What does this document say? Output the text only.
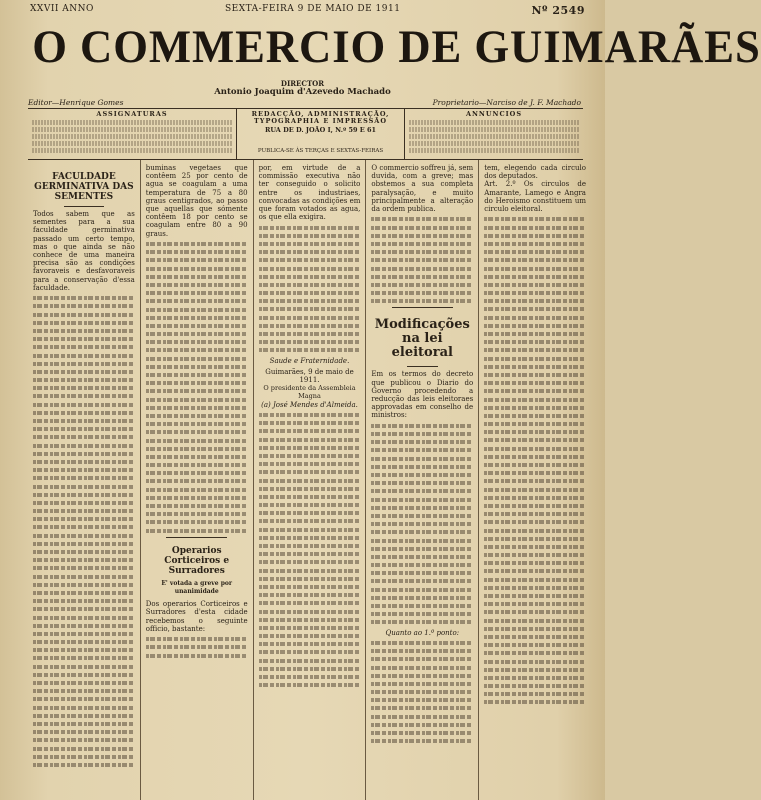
XXVII ANNO	SEXTA-FEIRA 9 DE MAIO DE 1911	Nº 2549
O COMMERCIO DE GUIMARÃES
DIRECTOR
Antonio Joaquim d'Azevedo Machado
Editor—Henrique Gomes	Proprietario—Narciso de J. F. Machado
ASSIGNATURAS	REDACÇÃO, ADMINISTRAÇÃO, TYPOGRAPHIA E IMPRESSÃO
RUA DE D. JOÃO I, N.º 59 E 61
PUBLICA-SE ÀS TERÇAS E SEXTAS-FEIRAS
ANNUNCIOS
FACULDADE GERMINATIVA DAS SEMENTES

Todos sabem que as sementes para a sua faculdade germinativa passado um certo tempo, mas o que ainda se não conhece de uma maneira precisa são as condições favoraveis e desfavoraveis para a conservação d'essa faculdade.

buminas vegetaes que contêem 25 por cento de agua se coagulam a uma temperatura de 75 a 80 graus centigrados, ao passo que aquellas que sómente contêem 18 por cento se coagulam entre 80 a 90 graus.

Operarios Corticeiros e Surradores
E' votada a greve por unanimidade

Dos operarios Corticeiros e Surradores d'esta cidade recebemos o seguinte officio, bastante:

por, em virtude de a commissão executiva não ter conseguido o solicito entre os industriaes, convocadas as condições em que foram votados as agua, os que ella exigira.

Saude e Fraternidade.
Guimarães, 9 de maio de 1911.
O presidente da Assembleia Magna
(a) José Mendes d'Almeida.

O commercio soffreu já, sem duvida, com a greve; mas obstemos a sua completa paralysação, e muito principalmente a alteração da ordem publica.

Modificações na lei eleitoral

Em os termos do decreto que publicou o Diario do Governo procedendo a reducção das leis eleitoraes approvadas em conselho de ministros:

Quanto ao 1.º ponto:

tem, elegendo cada circulo dos deputados.

Art. 2.º Os circulos de Amarante, Lamego e Angra do Heroismo constituem um circulo eleitoral.
